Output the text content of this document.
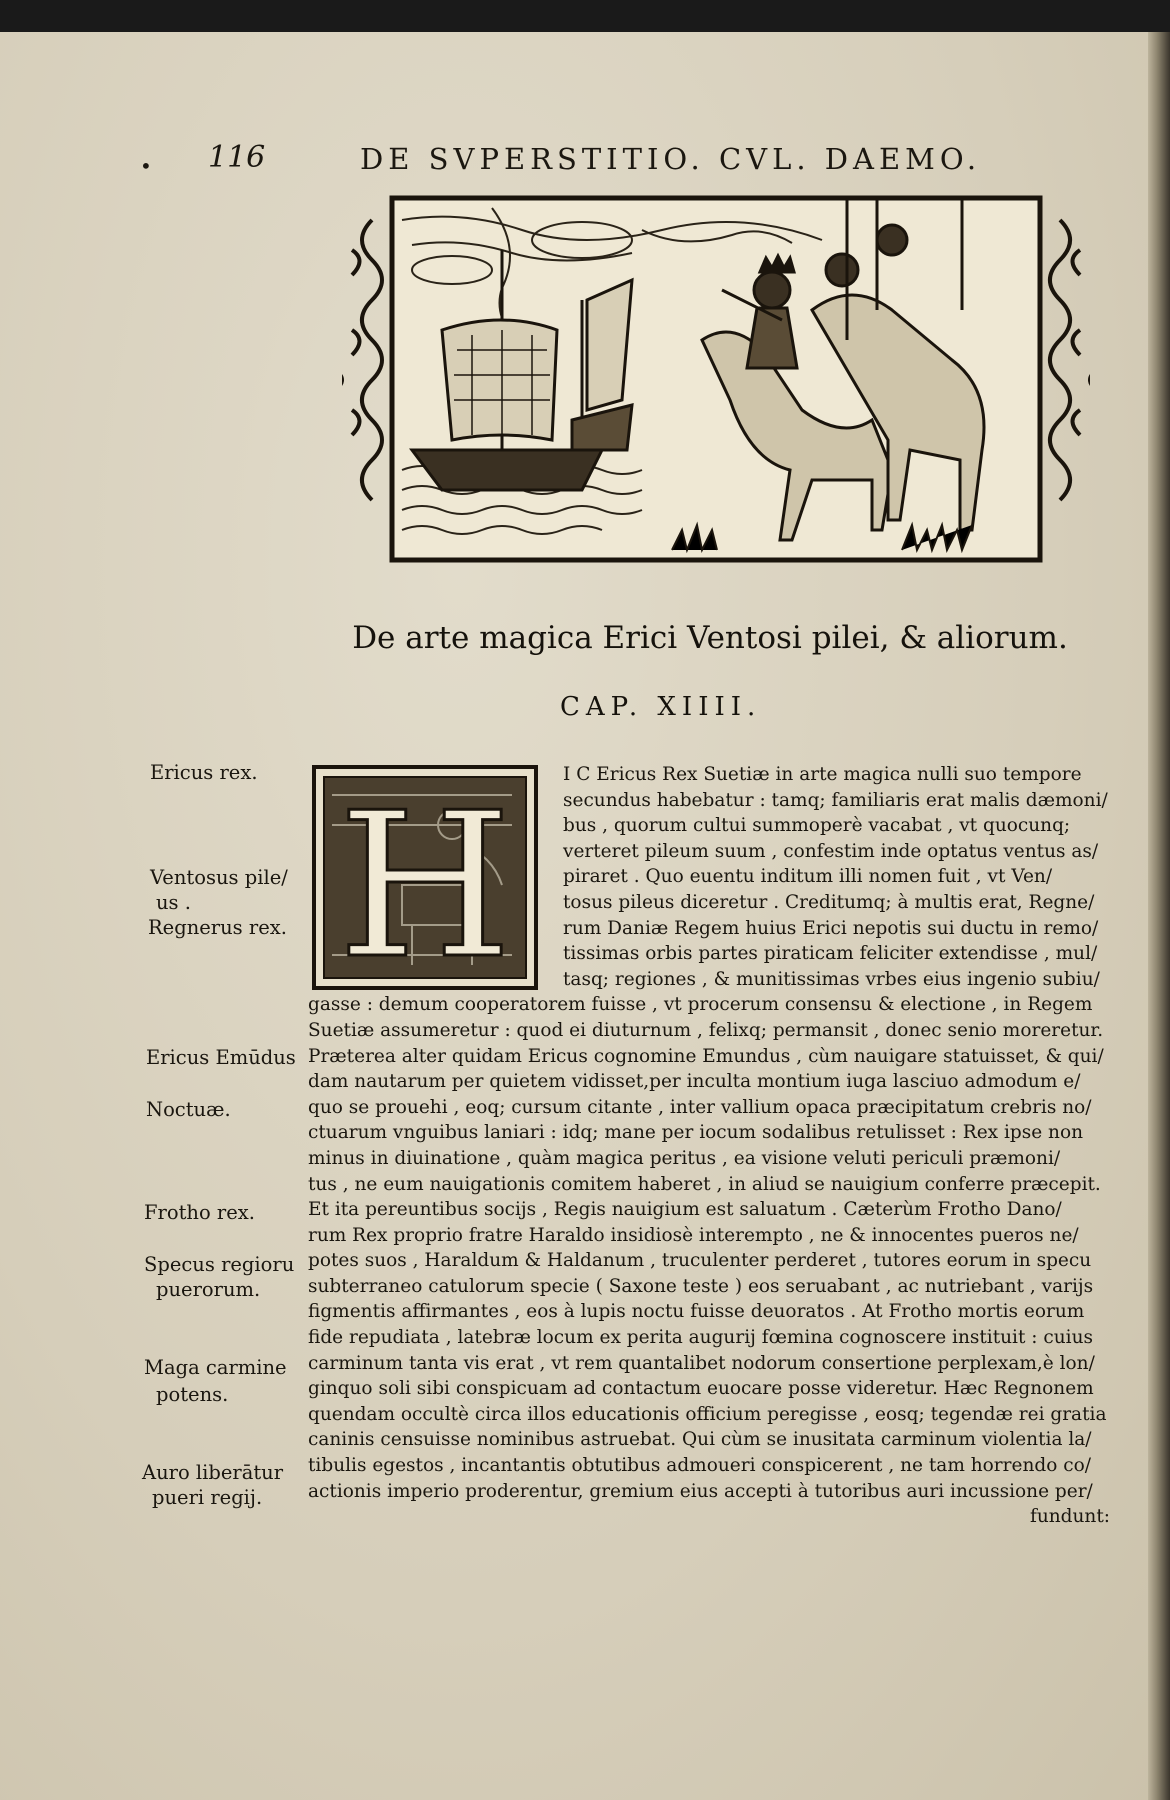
• 116	DE SVPERSTITIO. CVL. DAEMO.
De arte magica Erici Ventosi pilei, & aliorum.
CAP. XIIII.
H	I C Ericus Rex Suetiæ in arte magica nulli suo tempore
secundus habebatur : tamq; familiaris erat malis dæmoni/
bus , quorum cultui summoperè vacabat , vt quocunq;
verteret pileum suum , confestim inde optatus ventus as/
piraret . Quo euentu inditum illi nomen fuit , vt Ven/
tosus pileus diceretur . Creditumq; à multis erat, Regne/
rum Daniæ Regem huius Erici nepotis sui ductu in remo/
tissimas orbis partes piraticam feliciter extendisse , mul/
tasq; regiones , & munitissimas vrbes eius ingenio subiu/
gasse : demum cooperatorem fuisse , vt procerum consensu & electione , in Regem
Suetiæ assumeretur : quod ei diuturnum , felixq; permansit , donec senio moreretur.
Præterea alter quidam Ericus cognomine Emundus , cùm nauigare statuisset, & qui/
dam nautarum per quietem vidisset,per inculta montium iuga lasciuo admodum e/
quo se prouehi , eoq; cursum citante , inter vallium opaca præcipitatum crebris no/
ctuarum vnguibus laniari : idq; mane per iocum sodalibus retulisset : Rex ipse non
minus in diuinatione , quàm magica peritus , ea visione veluti periculi præmoni/
tus , ne eum nauigationis comitem haberet , in aliud se nauigium conferre præcepit.
Et ita pereuntibus socijs , Regis nauigium est saluatum . Cæterùm Frotho Dano/
rum Rex proprio fratre Haraldo insidiosè interempto , ne & innocentes pueros ne/
potes suos , Haraldum & Haldanum , truculenter perderet , tutores eorum in specu
subterraneo catulorum specie ( Saxone teste ) eos seruabant , ac nutriebant , varijs
figmentis affirmantes , eos à lupis noctu fuisse deuoratos . At Frotho mortis eorum
fide repudiata , latebræ locum ex perita augurij fœmina cognoscere instituit : cuius
carminum tanta vis erat , vt rem quantalibet nodorum consertione perplexam,è lon/
ginquo soli sibi conspicuam ad contactum euocare posse videretur. Hæc Regnonem
quendam occultè circa illos educationis officium peregisse , eosq; tegendæ rei gratia
caninis censuisse nominibus astruebat. Qui cùm se inusitata carminum violentia la/
tibulis egestos , incantantis obtutibus admoueri conspicerent , ne tam horrendo co/
actionis imperio proderentur, gremium eius accepti à tutoribus auri incussione per/
fundunt:
Ericus rex.
Ventosus pile/
us .
Regnerus rex.
Ericus Emūdus
Noctuæ.
Frotho rex.
Specus regioru
puerorum.
Maga carmine
potens.
Auro liberātur
pueri regij.
